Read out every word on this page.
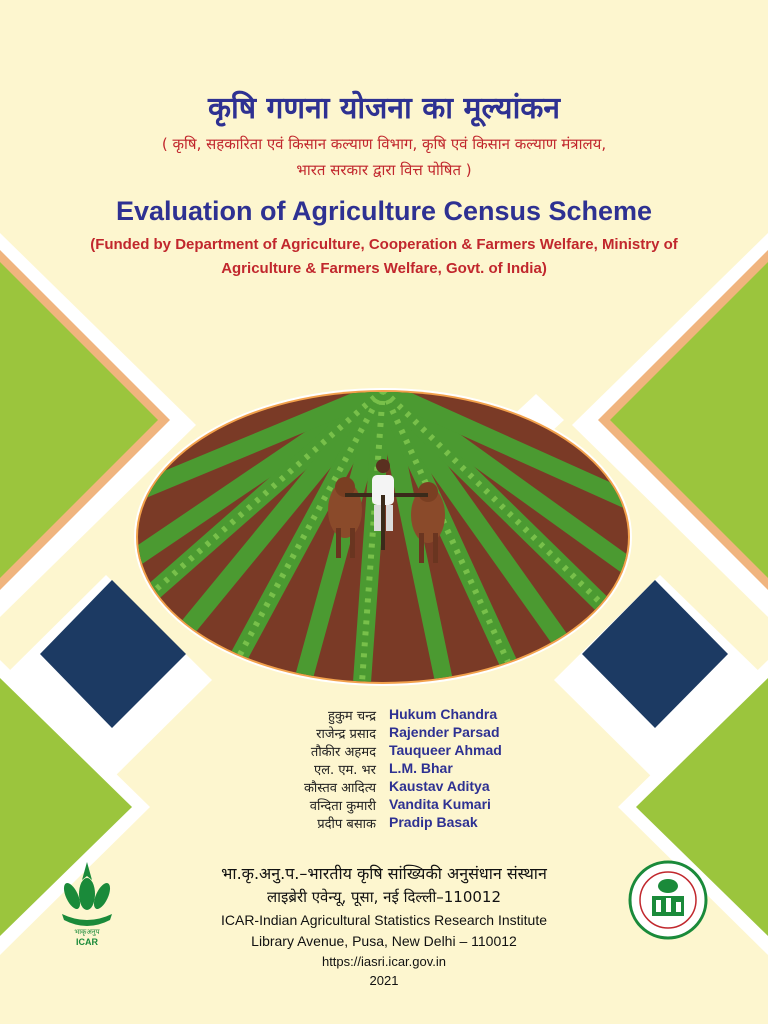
कृषि गणना योजना का मूल्यांकन
( कृषि, सहकारिता एवं किसान कल्याण विभाग, कृषि एवं किसान कल्याण मंत्रालय,
भारत सरकार द्वारा वित्त पोषित )
Evaluation of Agriculture Census Scheme
(Funded by Department of Agriculture, Cooperation & Farmers Welfare, Ministry of
Agriculture & Farmers Welfare, Govt. of India)
हुकुम चन्द्र Hukum Chandra
राजेन्द्र प्रसाद Rajender Parsad
तौकीर अहमद Tauqueer Ahmad
एल. एम. भर L.M. Bhar
कौस्तव आदित्य Kaustav Aditya
वन्दिता कुमारी Vandita Kumari
प्रदीप बसाक Pradip Basak
भा.कृ.अनु.प.–भारतीय कृषि सांख्यिकी अनुसंधान संस्थान
लाइब्रेरी एवेन्यू, पूसा, नई दिल्ली–110012
ICAR-Indian Agricultural Statistics Research Institute
Library Avenue, Pusa, New Delhi – 110012
https://iasri.icar.gov.in
2021
भाकृअनुप
ICAR
